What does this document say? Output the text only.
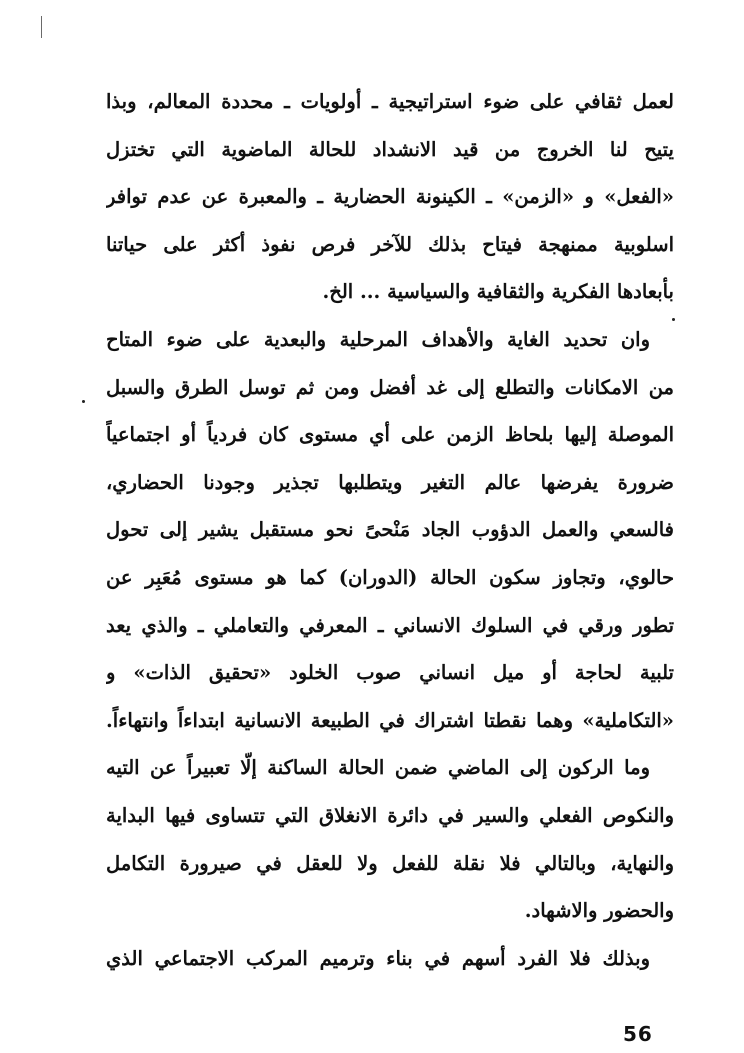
لعمل ثقافي على ضوء استراتيجية ـ أولويات ـ محددة المعالم، وبذا
يتيح لنا الخروج من قيد الانشداد للحالة الماضوية التي تختزل
«الفعل» و «الزمن» ـ الكينونة الحضارية ـ والمعبرة عن عدم توافر
اسلوبية ممنهجة فيتاح بذلك للآخر فرص نفوذ أكثر على حياتنا
بأبعادها الفكرية والثقافية والسياسية ... الخ.
وان تحديد الغاية والأهداف المرحلية والبعدية على ضوء المتاح
من الامكانات والتطلع إلى غد أفضل ومن ثم توسل الطرق والسبل
الموصلة إليها بلحاظ الزمن على أي مستوى كان فردياً أو اجتماعياً
ضرورة يفرضها عالم التغير ويتطلبها تجذير وجودنا الحضاري،
فالسعي والعمل الدؤوب الجاد مَنْحىً نحو مستقبل يشير إلى تحول
حالوي، وتجاوز سكون الحالة (الدوران) كما هو مستوى مُعَبِر عن
تطور ورقي في السلوك الانساني ـ المعرفي والتعاملي ـ والذي يعد
تلبية لحاجة أو ميل انساني صوب الخلود «تحقيق الذات» و
«التكاملية» وهما نقطتا اشتراك في الطبيعة الانسانية ابتداءاً وانتهاءاً.
وما الركون إلى الماضي ضمن الحالة الساكنة إلّا تعبيراً عن التيه
والنكوص الفعلي والسير في دائرة الانغلاق التي تتساوى فيها البداية
والنهاية، وبالتالي فلا نقلة للفعل ولا للعقل في صيرورة التكامل
والحضور والاشهاد.
وبذلك فلا الفرد أسهم في بناء وترميم المركب الاجتماعي الذي
56
